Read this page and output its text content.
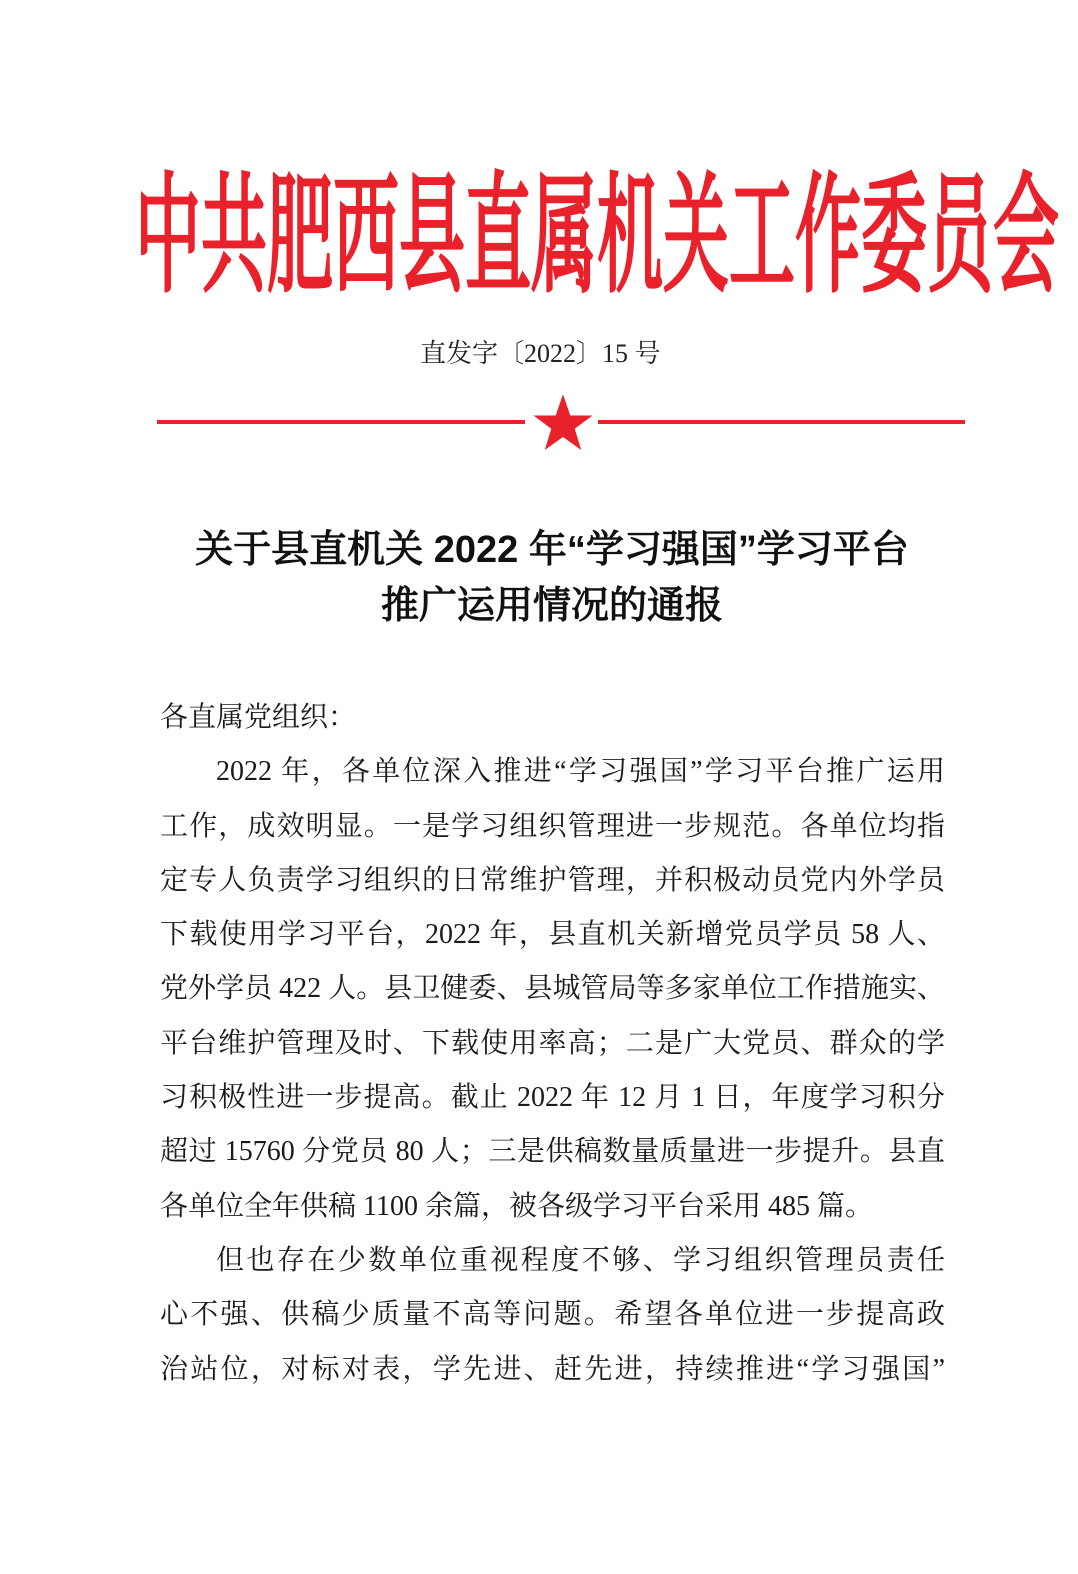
中共肥西县直属机关工作委员会
直发字〔2022〕15 号
关于县直机关 2022 年“学习强国”学习平台
推广运用情况的通报
各直属党组织：
2022 年，各单位深入推进“学习强国”学习平台推广运用
工作，成效明显。一是学习组织管理进一步规范。各单位均指
定专人负责学习组织的日常维护管理，并积极动员党内外学员
下载使用学习平台，2022 年，县直机关新增党员学员 58 人、
党外学员 422 人。县卫健委、县城管局等多家单位工作措施实、
平台维护管理及时、下载使用率高；二是广大党员、群众的学
习积极性进一步提高。截止 2022 年 12 月 1 日，年度学习积分
超过 15760 分党员 80 人；三是供稿数量质量进一步提升。县直
各单位全年供稿 1100 余篇，被各级学习平台采用 485 篇。
但也存在少数单位重视程度不够、学习组织管理员责任
心不强、供稿少质量不高等问题。希望各单位进一步提高政
治站位，对标对表，学先进、赶先进，持续推进“学习强国”
